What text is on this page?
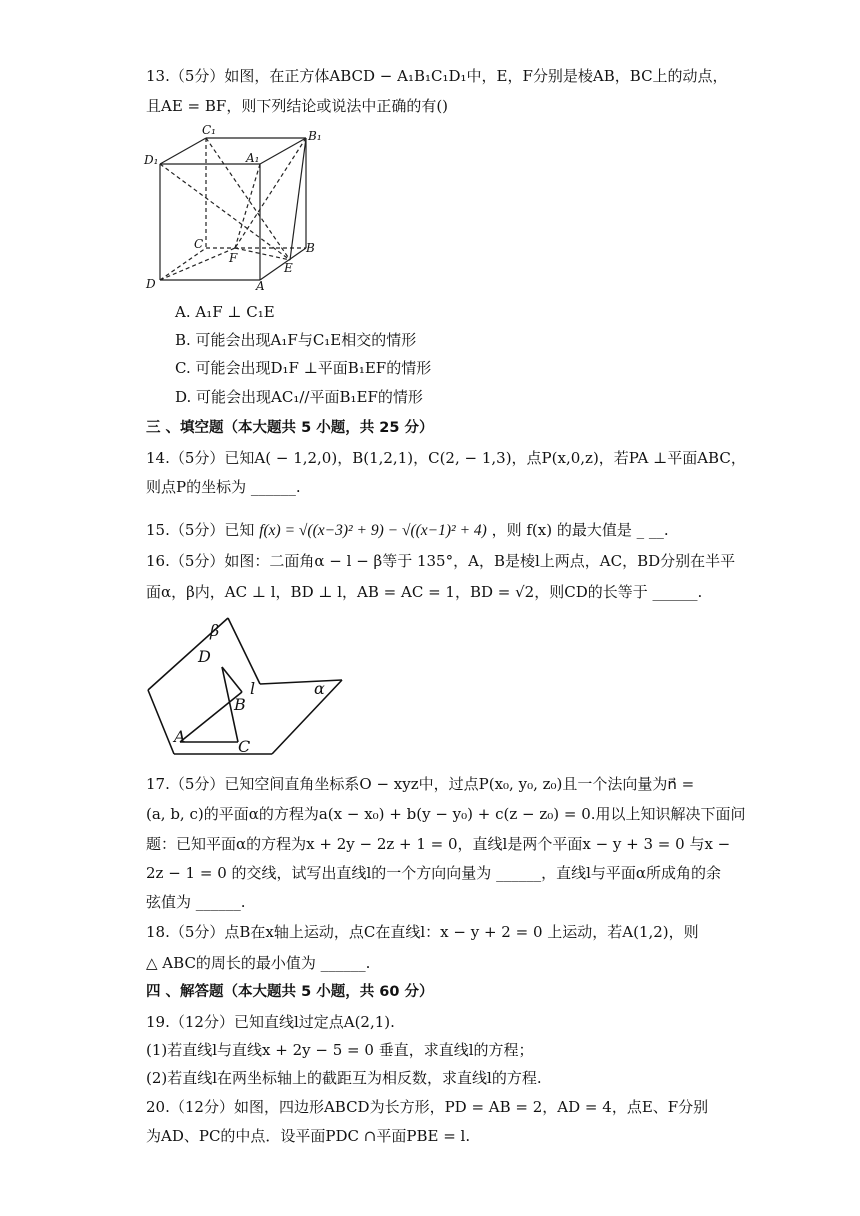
13.（5分）如图，在正方体ABCD − A₁B₁C₁D₁中，E，F分别是棱AB，BC上的动点，
且AE = BF，则下列结论或说法中正确的有()
C₁	B₁
D₁	A₁
C	B
F
E
D	A
A. A₁F ⊥ C₁E
B. 可能会出现A₁F与C₁E相交的情形
C. 可能会出现D₁F ⊥平面B₁EF的情形
D. 可能会出现AC₁//平面B₁EF的情形
三 、填空题（本大题共 5 小题，共 25 分）
14.（5分）已知A( − 1,2,0)，B(1,2,1)，C(2, − 1,3)，点P(x,0,z)，若PA ⊥平面ABC，
则点P的坐标为 ______.
15.（5分）已知 f(x) = √((x−3)² + 9) − √((x−1)² + 4) ，则 f(x) 的最大值是 _ __.
16.（5分）如图：二面角α − l − β等于 135°，A，B是棱l上两点，AC，BD分别在半平
面α，β内，AC ⊥ l，BD ⊥ l，AB = AC = 1，BD = √2，则CD的长等于 ______.
β
D
l	α
B
A
C
17.（5分）已知空间直角坐标系O − xyz中，过点P(x₀, y₀, z₀)且一个法向量为n⃗ =
(a, b, c)的平面α的方程为a(x − x₀) + b(y − y₀) + c(z − z₀) = 0.用以上知识解决下面问
题：已知平面α的方程为x + 2y − 2z + 1 = 0，直线l是两个平面x − y + 3 = 0 与x −
2z − 1 = 0 的交线，试写出直线l的一个方向向量为 ______，直线l与平面α所成角的余
弦值为 ______.
18.（5分）点B在x轴上运动，点C在直线l：x − y + 2 = 0 上运动，若A(1,2)，则
△ ABC的周长的最小值为 ______.
四 、解答题（本大题共 5 小题，共 60 分）
19.（12分）已知直线l过定点A(2,1).
(1)若直线l与直线x + 2y − 5 = 0 垂直，求直线l的方程；
(2)若直线l在两坐标轴上的截距互为相反数，求直线l的方程.
20.（12分）如图，四边形ABCD为长方形，PD = AB = 2，AD = 4，点E、F分别
为AD、PC的中点．设平面PDC ∩平面PBE = l.
